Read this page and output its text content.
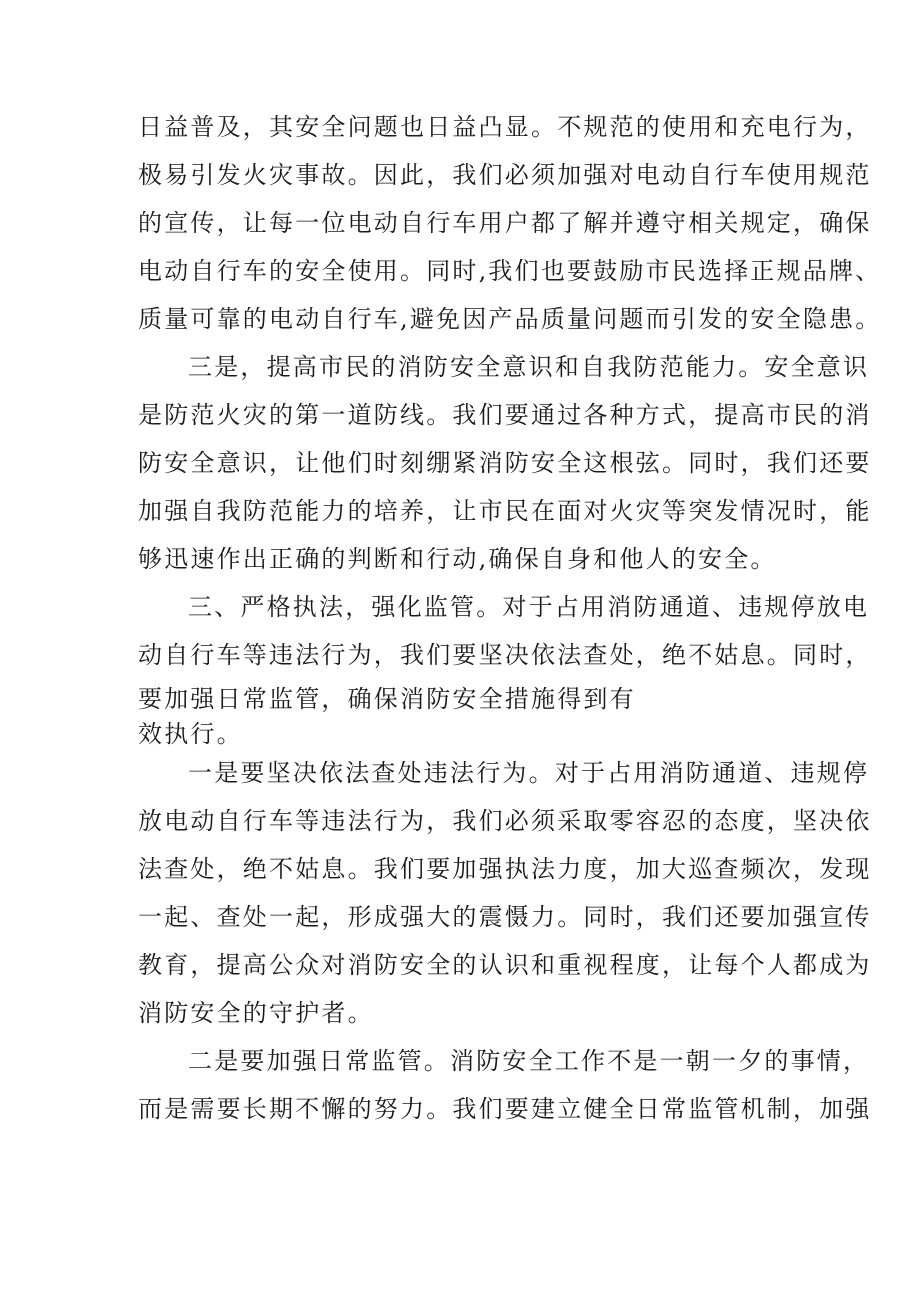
日益普及，其安全问题也日益凸显。不规范的使用和充电行为，
极易引发火灾事故。因此，我们必须加强对电动自行车使用规范
的宣传，让每一位电动自行车用户都了解并遵守相关规定，确保
电动自行车的安全使用。同时,我们也要鼓励市民选择正规品牌、
质量可靠的电动自行车,避免因产品质量问题而引发的安全隐患。
三是，提高市民的消防安全意识和自我防范能力。安全意识
是防范火灾的第一道防线。我们要通过各种方式，提高市民的消
防安全意识，让他们时刻绷紧消防安全这根弦。同时，我们还要
加强自我防范能力的培养，让市民在面对火灾等突发情况时，能
够迅速作出正确的判断和行动,确保自身和他人的安全。
三、严格执法，强化监管。对于占用消防通道、违规停放电
动自行车等违法行为，我们要坚决依法查处，绝不姑息。同时，
要加强日常监管，确保消防安全措施得到有
效执行。
一是要坚决依法查处违法行为。对于占用消防通道、违规停
放电动自行车等违法行为，我们必须采取零容忍的态度，坚决依
法查处，绝不姑息。我们要加强执法力度，加大巡查频次，发现
一起、查处一起，形成强大的震慑力。同时，我们还要加强宣传
教育，提高公众对消防安全的认识和重视程度，让每个人都成为
消防安全的守护者。
二是要加强日常监管。消防安全工作不是一朝一夕的事情，
而是需要长期不懈的努力。我们要建立健全日常监管机制，加强
